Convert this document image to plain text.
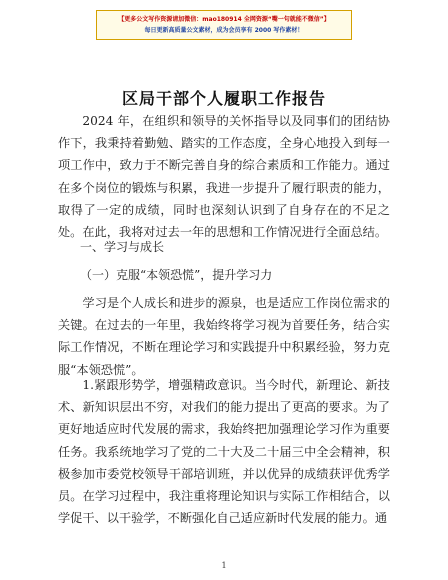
【更多公文写作资源请加微信：mao180914 全网资源“嘴一句就能不微信”】
每日更新高质量公文素材，成为会员享有 2000 写作素材！
区局干部个人履职工作报告
2024 年，在组织和领导的关怀指导以及同事们的团结协作下，我秉持着勤勉、踏实的工作态度，全身心地投入到每一项工作中，致力于不断完善自身的综合素质和工作能力。通过在多个岗位的锻炼与积累，我进一步提升了履行职责的能力，取得了一定的成绩，同时也深刻认识到了自身存在的不足之处。在此，我将对过去一年的思想和工作情况进行全面总结。
一、学习与成长
（一）克服“本领恐慌”，提升学习力
学习是个人成长和进步的源泉，也是适应工作岗位需求的关键。在过去的一年里，我始终将学习视为首要任务，结合实际工作情况，不断在理论学习和实践提升中积累经验，努力克服“本领恐慌”。
1.紧跟形势学，增强精政意识。当今时代，新理论、新技术、新知识层出不穷，对我们的能力提出了更高的要求。为了更好地适应时代发展的需求，我始终把加强理论学习作为重要任务。我系统地学习了党的二十大及二十届三中全会精神，积极参加市委党校领导干部培训班，并以优异的成绩获评优秀学员。在学习过程中，我注重将理论知识与实际工作相结合，以学促干、以干验学，不断强化自己适应新时代发展的能力。通
1
